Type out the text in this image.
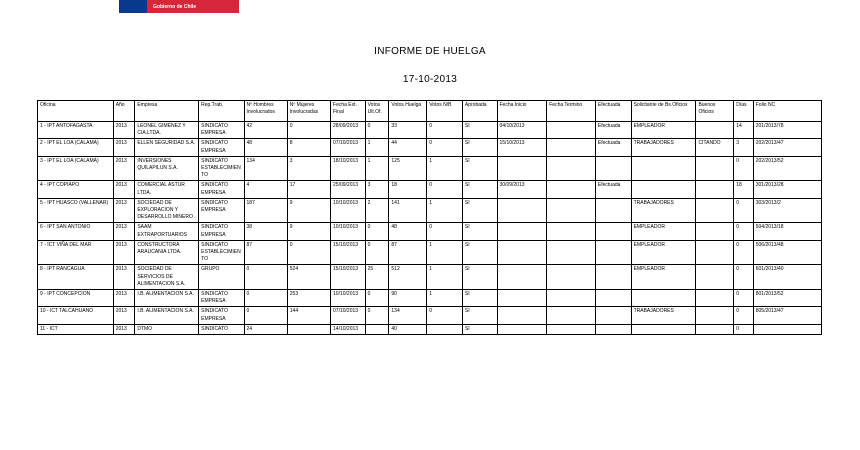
Gobierno de Chile
INFORME DE HUELGA
17-10-2013
Oficina	Año	Empresa	Rep.Trab.	Nº Hombres Involucrados	Nº Mujeres Involucradas	Fecha Ext. Final	Votos Ult.Of.	Votos Huelga	Votos N/B	Aprobada	Fecha Inicio	Fecha Termino	Efectuada	Solicitante de Bs.Oficios	Buenos Oficios	Días	Folio NC
1 - IPT ANTOFAGASTA	2013	LEONEL GIMENEZ Y CIA.LTDA.	SINDICATO EMPRESA	42	0	28/09/2013	0	33	0	SI	04/10/2013		Efectuada	EMPLEADOR		14	201/2013/78
2 - IPT EL LOA (CALAMA)	2013	ELLEN SEGURIDAD S.A.	SINDICATO EMPRESA	48	8	07/10/2013	1	44	0	SI	15/10/2013		Efectuada	TRABAJADORES	CITANDO	3	202/2013/47
3 - IPT EL LOA (CALAMA)	2013	INVERSIONES QUILAPILUN S.A.	SINDICATO ESTABLECIMIENTO	134	3	18/10/2013	1	125	1	SI						0	202/2013/52
4 - IPT COPIAPO	2013	COMERCIAL ASTUR LTDA.	SINDICATO EMPRESA	4	17	25/09/2013	3	18	0	SI	30/09/2013		Efectuada			18	301/2013/28
5 - IPT HUASCO (VALLENAR)	2013	SOCIEDAD DE EXPLORACION Y DESARROLLO MINERO .	SINDICATO EMPRESA	187	9	10/10/2013	2	141	1	SI				TRABAJADORES		0	303/2013/2
6 - IPT SAN ANTONIO	2013	SAAM EXTRAPORTUARIOS	SINDICATO EMPRESA	38	9	10/10/2013	0	48	0	SI				EMPLEADOR		0	504/2013/18
7 - ICT VIÑA DEL MAR	2013	CONSTRUCTORA ARAUCANIA LTDA.	SINDICATO ESTABLECIMIENTO	87	0	15/10/2013	0	87	1	SI				EMPLEADOR		0	506/2013/48
8 - IPT RANCAGUA	2013	SOCIEDAD DE SERVICIOS DE ALIMENTACION S.A.	GRUPO	0	524	15/10/2013	25	512	1	SI				EMPLEADOR		0	601/2013/40
9 - IPT CONCEPCION	2013	I.B. ALIMENTACION S.A.	SINDICATO EMPRESA	0	253	10/10/2013	0	90	1	SI						0	801/2013/52
10 - ICT TALCAHUANO	2013	I.B. ALIMENTACION S.A.	SINDICATO EMPRESA	0	144	07/10/2013	0	134	0	SI				TRABAJADORES		0	805/2013/47
11 - ICT	2013	DTMO	SINDICATO	24		14/10/2013		40		SI						0	
